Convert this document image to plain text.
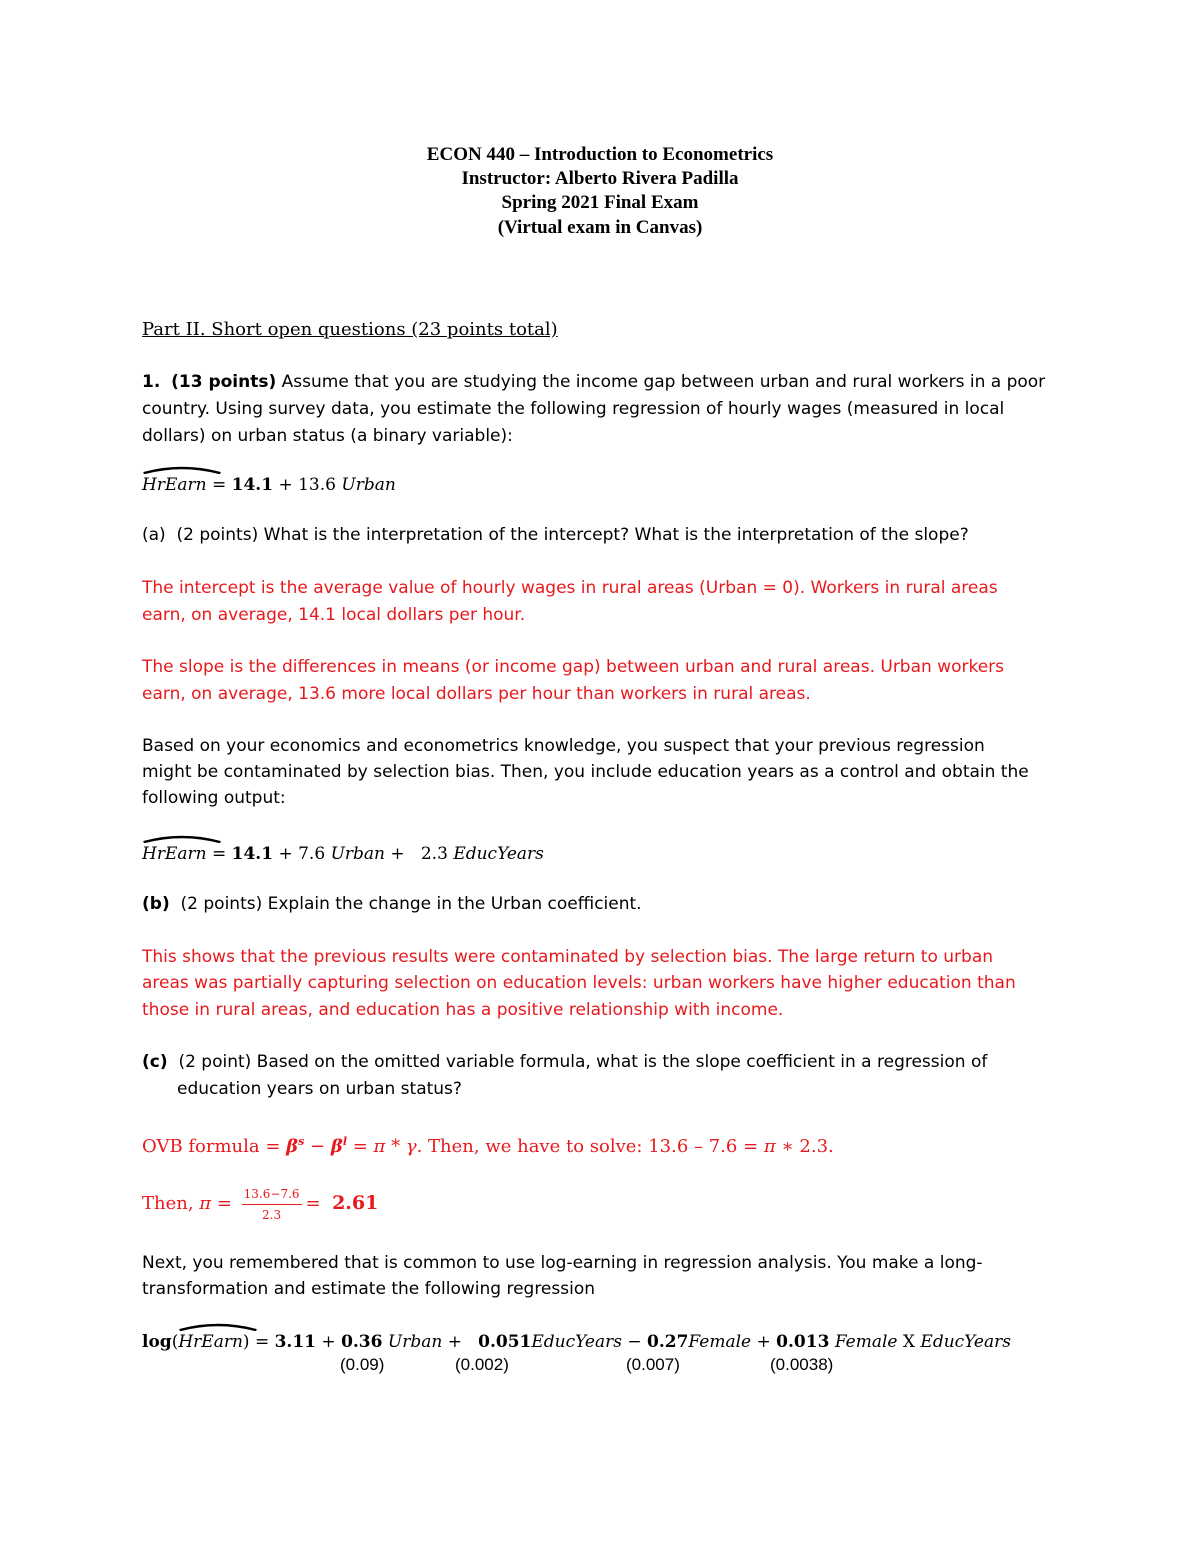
ECON 440 – Introduction to Econometrics
Instructor: Alberto Rivera Padilla
Spring 2021 Final Exam
(Virtual exam in Canvas)
Part II. Short open questions (23 points total)
1. (13 points) Assume that you are studying the income gap between urban and rural workers in a poor
country. Using survey data, you estimate the following regression of hourly wages (measured in local
dollars) on urban status (a binary variable):
HrEarn
= 14.1 + 13.6 Urban
(a) (2 points) What is the interpretation of the intercept? What is the interpretation of the slope?
The intercept is the average value of hourly wages in rural areas (Urban = 0). Workers in rural areas
earn, on average, 14.1 local dollars per hour.
The slope is the differences in means (or income gap) between urban and rural areas. Urban workers
earn, on average, 13.6 more local dollars per hour than workers in rural areas.
Based on your economics and econometrics knowledge, you suspect that your previous regression
might be contaminated by selection bias. Then, you include education years as a control and obtain the
following output:
HrEarn
= 14.1 + 7.6 Urban +   2.3 EducYears
(b) (2 points) Explain the change in the Urban coefficient.
This shows that the previous results were contaminated by selection bias. The large return to urban
areas was partially capturing selection on education levels: urban workers have higher education than
those in rural areas, and education has a positive relationship with income.
(c) (2 point) Based on the omitted variable formula, what is the slope coefficient in a regression of
education years on urban status?
OVB formula = $\beta^s - \beta^l = \pi * \gamma$. Then, we have to solve: 13.6 – 7.6 = π ∗ 2.3.
Then, $\pi = \frac{13.6-7.6}{2.3} = 2.61$
Next, you remembered that is common to use log-earning in regression analysis. You make a long-
transformation and estimate the following regression
log(HrEarn
) = 3.11 + 0.36 Urban +   0.051EducYears − 0.27Female + 0.013 Female X EducYears
(0.09)	(0.002)	(0.007)	(0.0038)
